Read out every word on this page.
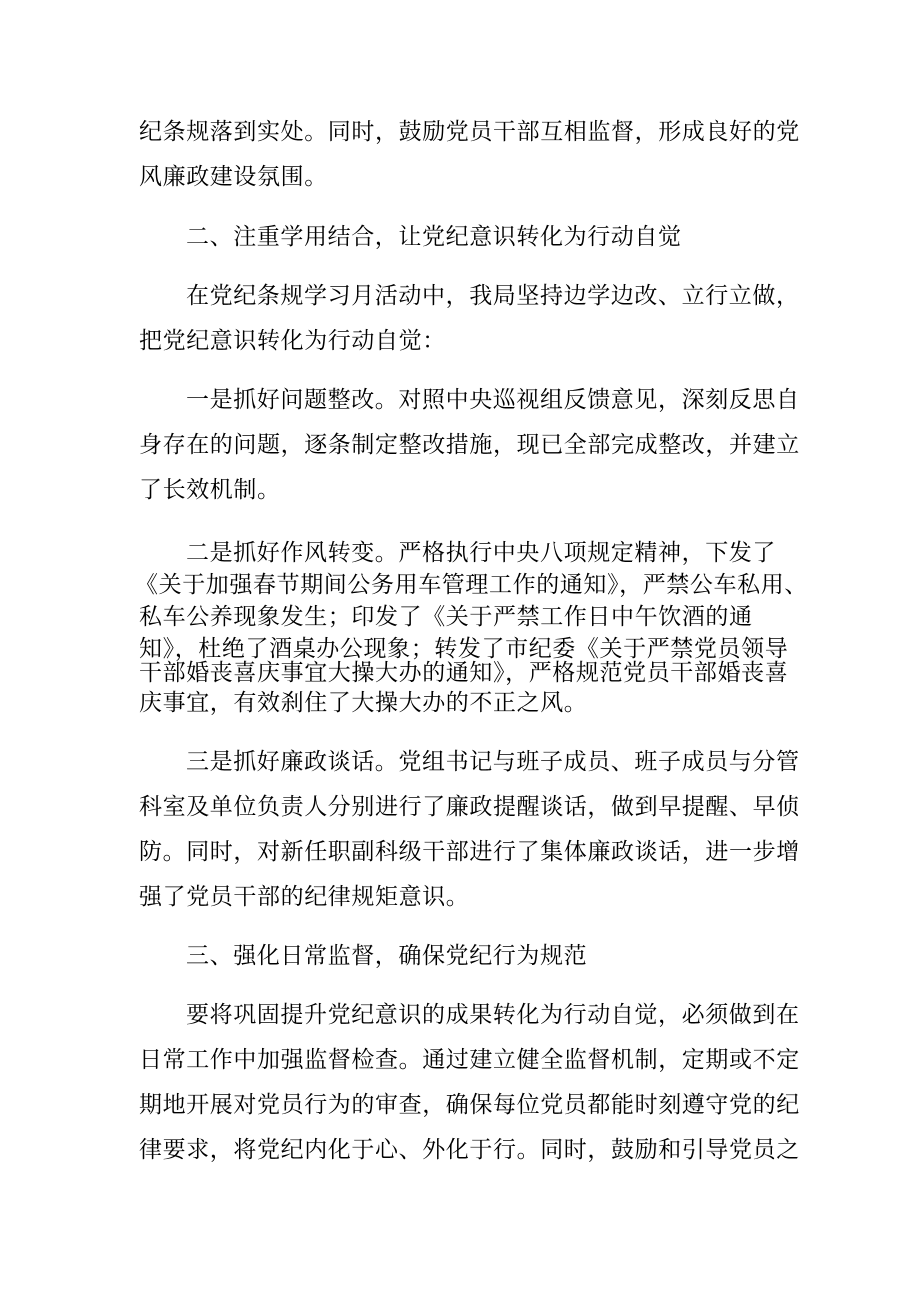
纪条规落到实处。同时，鼓励党员干部互相监督，形成良好的党
风廉政建设氛围。
二、注重学用结合，让党纪意识转化为行动自觉
在党纪条规学习月活动中，我局坚持边学边改、立行立做，
把党纪意识转化为行动自觉：
一是抓好问题整改。对照中央巡视组反馈意见，深刻反思自
身存在的问题，逐条制定整改措施，现已全部完成整改，并建立
了长效机制。
二是抓好作风转变。严格执行中央八项规定精神，下发了
《关于加强春节期间公务用车管理工作的通知》，严禁公车私用、
私车公养现象发生；印发了《关于严禁工作日中午饮酒的通
知》，杜绝了酒桌办公现象；转发了市纪委《关于严禁党员领导
干部婚丧喜庆事宜大操大办的通知》，严格规范党员干部婚丧喜
庆事宜，有效刹住了大操大办的不正之风。
三是抓好廉政谈话。党组书记与班子成员、班子成员与分管
科室及单位负责人分别进行了廉政提醒谈话，做到早提醒、早侦
防。同时，对新任职副科级干部进行了集体廉政谈话，进一步增
强了党员干部的纪律规矩意识。
三、强化日常监督，确保党纪行为规范
要将巩固提升党纪意识的成果转化为行动自觉，必须做到在
日常工作中加强监督检查。通过建立健全监督机制，定期或不定
期地开展对党员行为的审查，确保每位党员都能时刻遵守党的纪
律要求，将党纪内化于心、外化于行。同时，鼓励和引导党员之
